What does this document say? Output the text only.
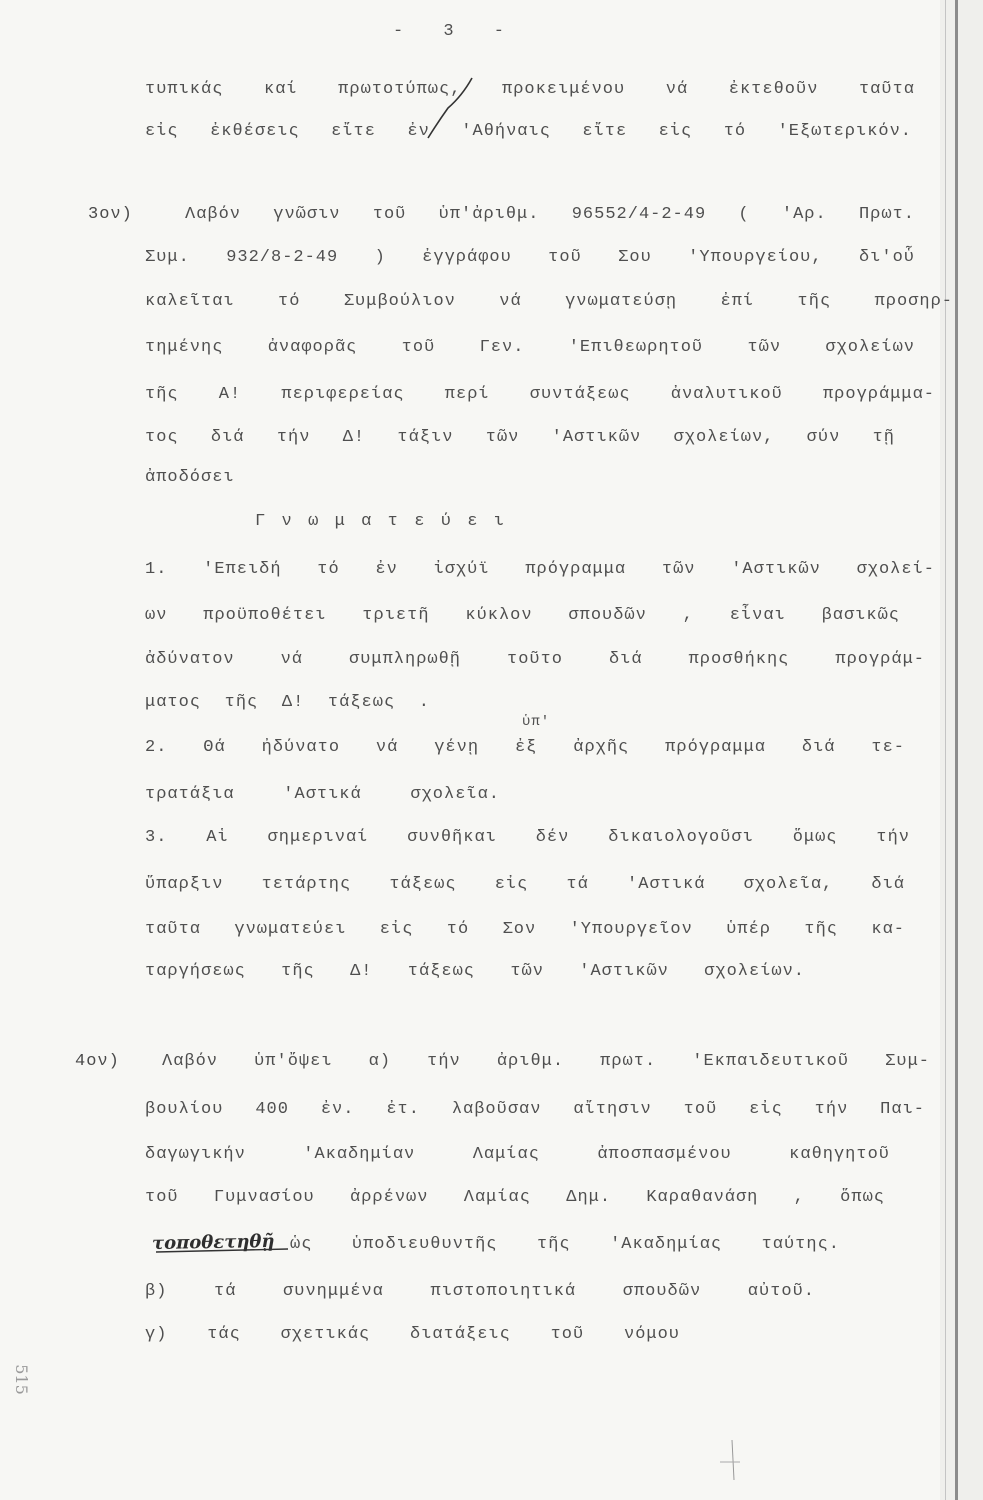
- 3 -
τυπικάς καί πρωτοτύπως, προκειμένου νά ἐκτεθοῦν ταῦτα
εἰς ἐκθέσεις εἴτε ἐν 'Αθήναις εἴτε εἰς τό 'Εξωτερικόν.
3ον)	Λαβόν γνῶσιν τοῦ ὑπ'ἀριθμ. 96552/4-2-49 ( 'Αρ. Πρωτ.
Συμ. 932/8-2-49 ) ἐγγράφου τοῦ Σου 'Υπουργείου, δι'οὗ
καλεῖται τό Συμβούλιον νά γνωματεύσῃ ἐπί τῆς προσηρ-
τημένης ἀναφορᾶς τοῦ Γεν. 'Επιθεωρητοῦ τῶν σχολείων
τῆς Α! περιφερείας περί συντάξεως ἀναλυτικοῦ προγράμμα-
τος διά τήν Δ! τάξιν τῶν 'Αστικῶν σχολείων, σύν τῇ
ἀποδόσει
Γ ν ω μ α τ ε ύ ε ι
1. 'Επειδή τό ἐν ἰσχύϊ πρόγραμμα τῶν 'Αστικῶν σχολεί-
ων προϋποθέτει τριετῆ κύκλον σπουδῶν , εἶναι βασικῶς
ἀδύνατον νά συμπληρωθῇ τοῦτο διά προσθήκης προγράμ-
ματος τῆς Δ! τάξεως .
ὑπ'
2. Θά ἠδύνατο νά γένῃ ἐξ ἀρχῆς πρόγραμμα διά τε-
τρατάξια 'Αστικά σχολεῖα.
3. Αἱ σημεριναί συνθῆκαι δέν δικαιολογοῦσι ὅμως τήν
ὕπαρξιν τετάρτης τάξεως εἰς τά 'Αστικά σχολεῖα, διά
ταῦτα γνωματεύει εἰς τό Σον 'Υπουργεῖον ὑπέρ τῆς κα-
ταργήσεως τῆς Δ! τάξεως τῶν 'Αστικῶν σχολείων.
4ον)	Λαβόν ὑπ'ὄψει α) τήν ἀριθμ. πρωτ. 'Εκπαιδευτικοῦ Συμ-
βουλίου 400 ἐν. ἐτ. λαβοῦσαν αἴτησιν τοῦ εἰς τήν Παι-
δαγωγικήν 'Ακαδημίαν Λαμίας ἀποσπασμένου καθηγητοῦ
τοῦ Γυμνασίου ἀρρένων Λαμίας Δημ. Καραθανάση , ὅπως
τοποθετηθῇ ὡς ὑποδιευθυντῆς τῆς 'Ακαδημίας ταύτης.
β) τά συνημμένα πιστοποιητικά σπουδῶν αὐτοῦ.
γ) τάς σχετικάς διατάξεις τοῦ νόμου
515
